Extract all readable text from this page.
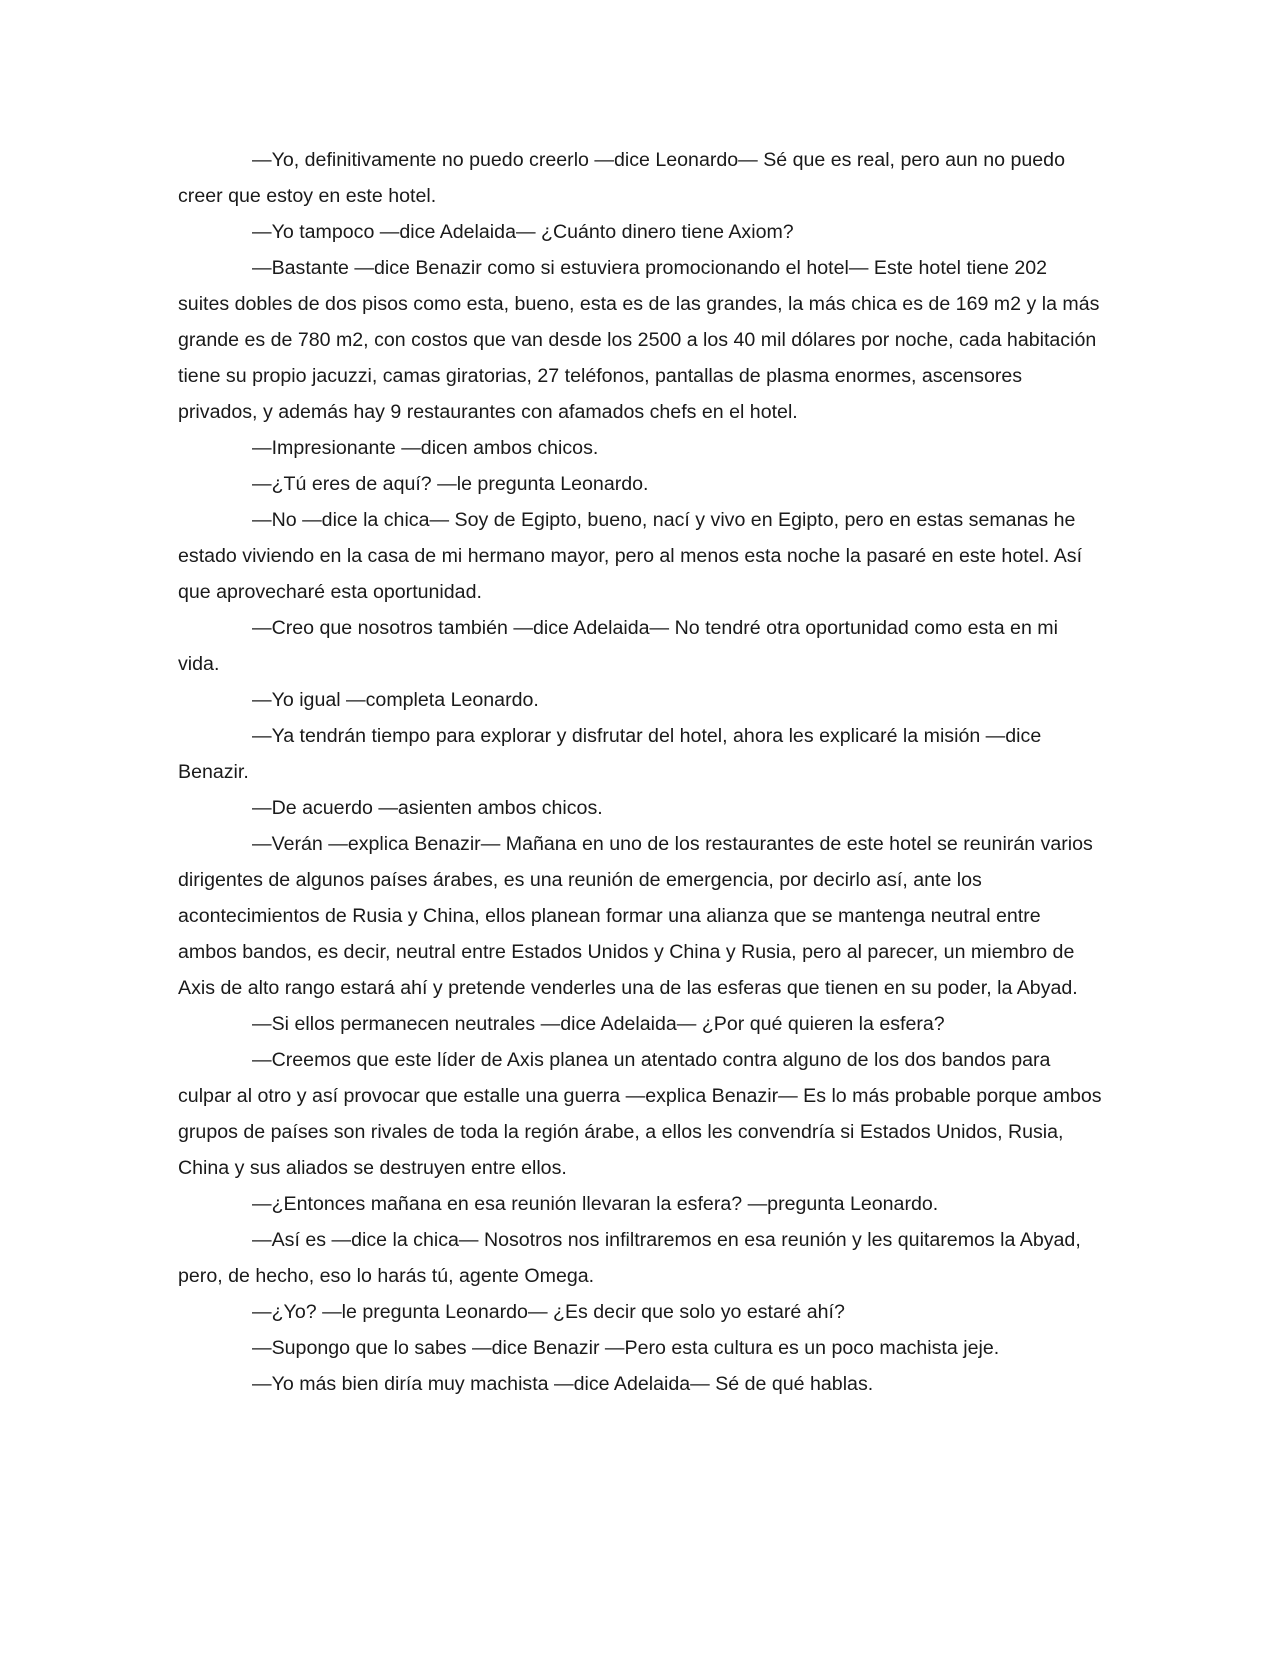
—Yo, definitivamente no puedo creerlo —dice Leonardo— Sé que es real, pero aun no puedo creer que estoy en este hotel.

—Yo tampoco —dice Adelaida— ¿Cuánto dinero tiene Axiom?

—Bastante —dice Benazir como si estuviera promocionando el hotel— Este hotel tiene 202 suites dobles de dos pisos como esta, bueno, esta es de las grandes, la más chica es de 169 m2 y la más grande es de 780 m2, con costos que van desde los 2500 a los 40 mil dólares por noche, cada habitación tiene su propio jacuzzi, camas giratorias, 27 teléfonos, pantallas de plasma enormes, ascensores privados, y además hay 9 restaurantes con afamados chefs en el hotel.

—Impresionante —dicen ambos chicos.

—¿Tú eres de aquí? —le pregunta Leonardo.

—No —dice la chica— Soy de Egipto, bueno, nací y vivo en Egipto, pero en estas semanas he estado viviendo en la casa de mi hermano mayor, pero al menos esta noche la pasaré en este hotel. Así que aprovecharé esta oportunidad.

—Creo que nosotros también —dice Adelaida— No tendré otra oportunidad como esta en mi vida.

—Yo igual —completa Leonardo.

—Ya tendrán tiempo para explorar y disfrutar del hotel, ahora les explicaré la misión —dice Benazir.

—De acuerdo —asienten ambos chicos.

—Verán —explica Benazir— Mañana en uno de los restaurantes de este hotel se reunirán varios dirigentes de algunos países árabes, es una reunión de emergencia, por decirlo así, ante los acontecimientos de Rusia y China, ellos planean formar una alianza que se mantenga neutral entre ambos bandos, es decir, neutral entre Estados Unidos y China y Rusia, pero al parecer, un miembro de Axis de alto rango estará ahí y pretende venderles una de las esferas que tienen en su poder, la Abyad.

—Si ellos permanecen neutrales —dice Adelaida— ¿Por qué quieren la esfera?

—Creemos que este líder de Axis planea un atentado contra alguno de los dos bandos para culpar al otro y así provocar que estalle una guerra —explica Benazir— Es lo más probable porque ambos grupos de países son rivales de toda la región árabe, a ellos les convendría si Estados Unidos, Rusia, China y sus aliados se destruyen entre ellos.

—¿Entonces mañana en esa reunión llevaran la esfera? —pregunta Leonardo.

—Así es —dice la chica— Nosotros nos infiltraremos en esa reunión y les quitaremos la Abyad, pero, de hecho, eso lo harás tú, agente Omega.

—¿Yo? —le pregunta Leonardo— ¿Es decir que solo yo estaré ahí?

—Supongo que lo sabes —dice Benazir —Pero esta cultura es un poco machista jeje.

—Yo más bien diría muy machista —dice Adelaida— Sé de qué hablas.
